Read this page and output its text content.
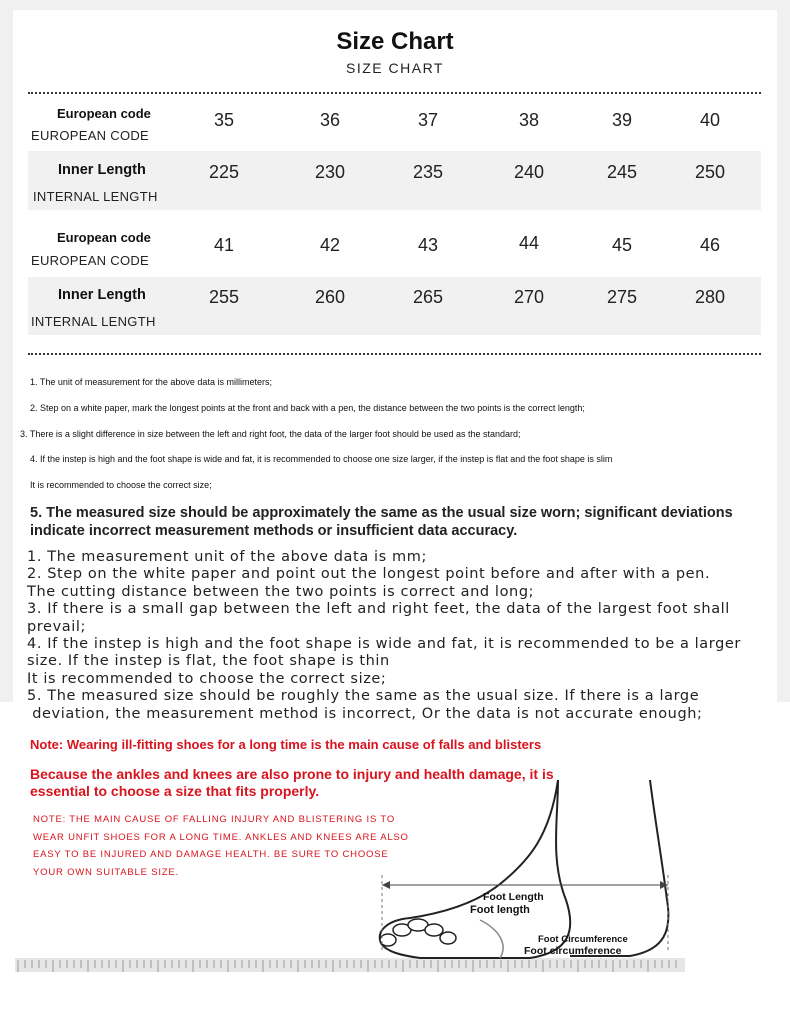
Size Chart
SIZE CHART
European code
EUROPEAN CODE
35	36	37	38	39	40
Inner Length
INTERNAL LENGTH
225	230	235	240	245	250
European code
EUROPEAN CODE
41	42	43	44	45	46
Inner Length
INTERNAL LENGTH
255	260	265	270	275	280
1. The unit of measurement for the above data is millimeters;
2. Step on a white paper, mark the longest points at the front and back with a pen, the distance between the two points is the correct length;
3. There is a slight difference in size between the left and right foot, the data of the larger foot should be used as the standard;
4. If the instep is high and the foot shape is wide and fat, it is recommended to choose one size larger, if the instep is flat and the foot shape is slim
It is recommended to choose the correct size;
5. The measured size should be approximately the same as the usual size worn; significant deviations indicate incorrect measurement methods or insufficient data accuracy.
1. The measurement unit of the above data is mm;
2. Step on the white paper and point out the longest point before and after with a pen.
The cutting distance between the two points is correct and long;
3. If there is a small gap between the left and right feet, the data of the largest foot shall
prevail;
4. If the instep is high and the foot shape is wide and fat, it is recommended to be a larger
size. If the instep is flat, the foot shape is thin
It is recommended to choose the correct size;
5. The measured size should be roughly the same as the usual size. If there is a large
deviation, the measurement method is incorrect, Or the data is not accurate enough;
Note: Wearing ill-fitting shoes for a long time is the main cause of falls and blisters
Because the ankles and knees are also prone to injury and health damage, it is essential to choose a size that fits properly.
NOTE: THE MAIN CAUSE OF FALLING INJURY AND BLISTERING IS TO WEAR UNFIT SHOES FOR A LONG TIME. ANKLES AND KNEES ARE ALSO EASY TO BE INJURED AND DAMAGE HEALTH. BE SURE TO CHOOSE YOUR OWN SUITABLE SIZE.
Foot Length
Foot length
Foot Circumference
Foot circumference
